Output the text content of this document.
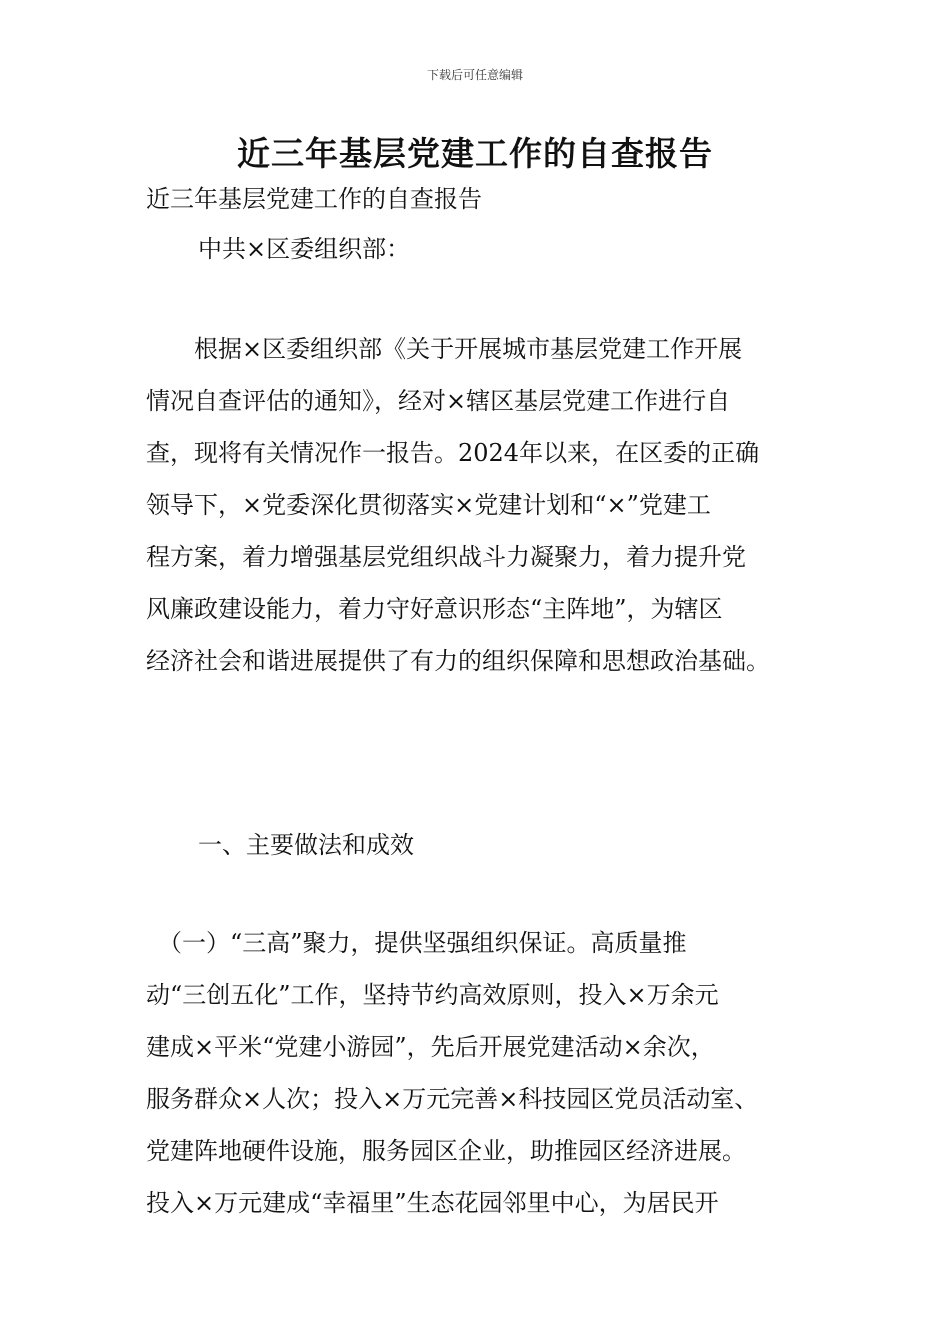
下载后可任意编辑
近三年基层党建工作的自查报告
近三年基层党建工作的自查报告
中共×区委组织部：
　　根据×区委组织部《关于开展城市基层党建工作开展
情况自查评估的通知》，经对×辖区基层党建工作进行自
查，现将有关情况作一报告。2024年以来，在区委的正确
领导下，×党委深化贯彻落实×党建计划和“×”党建工
程方案，着力增强基层党组织战斗力凝聚力，着力提升党
风廉政建设能力，着力守好意识形态“主阵地”，为辖区
经济社会和谐进展提供了有力的组织保障和思想政治基础。
一、主要做法和成效
　（一）“三高”聚力，提供坚强组织保证。高质量推
动“三创五化”工作，坚持节约高效原则，投入×万余元
建成×平米“党建小游园”，先后开展党建活动×余次，
服务群众×人次；投入×万元完善×科技园区党员活动室、
党建阵地硬件设施，服务园区企业，助推园区经济进展。
投入×万元建成“幸福里”生态花园邻里中心，为居民开
